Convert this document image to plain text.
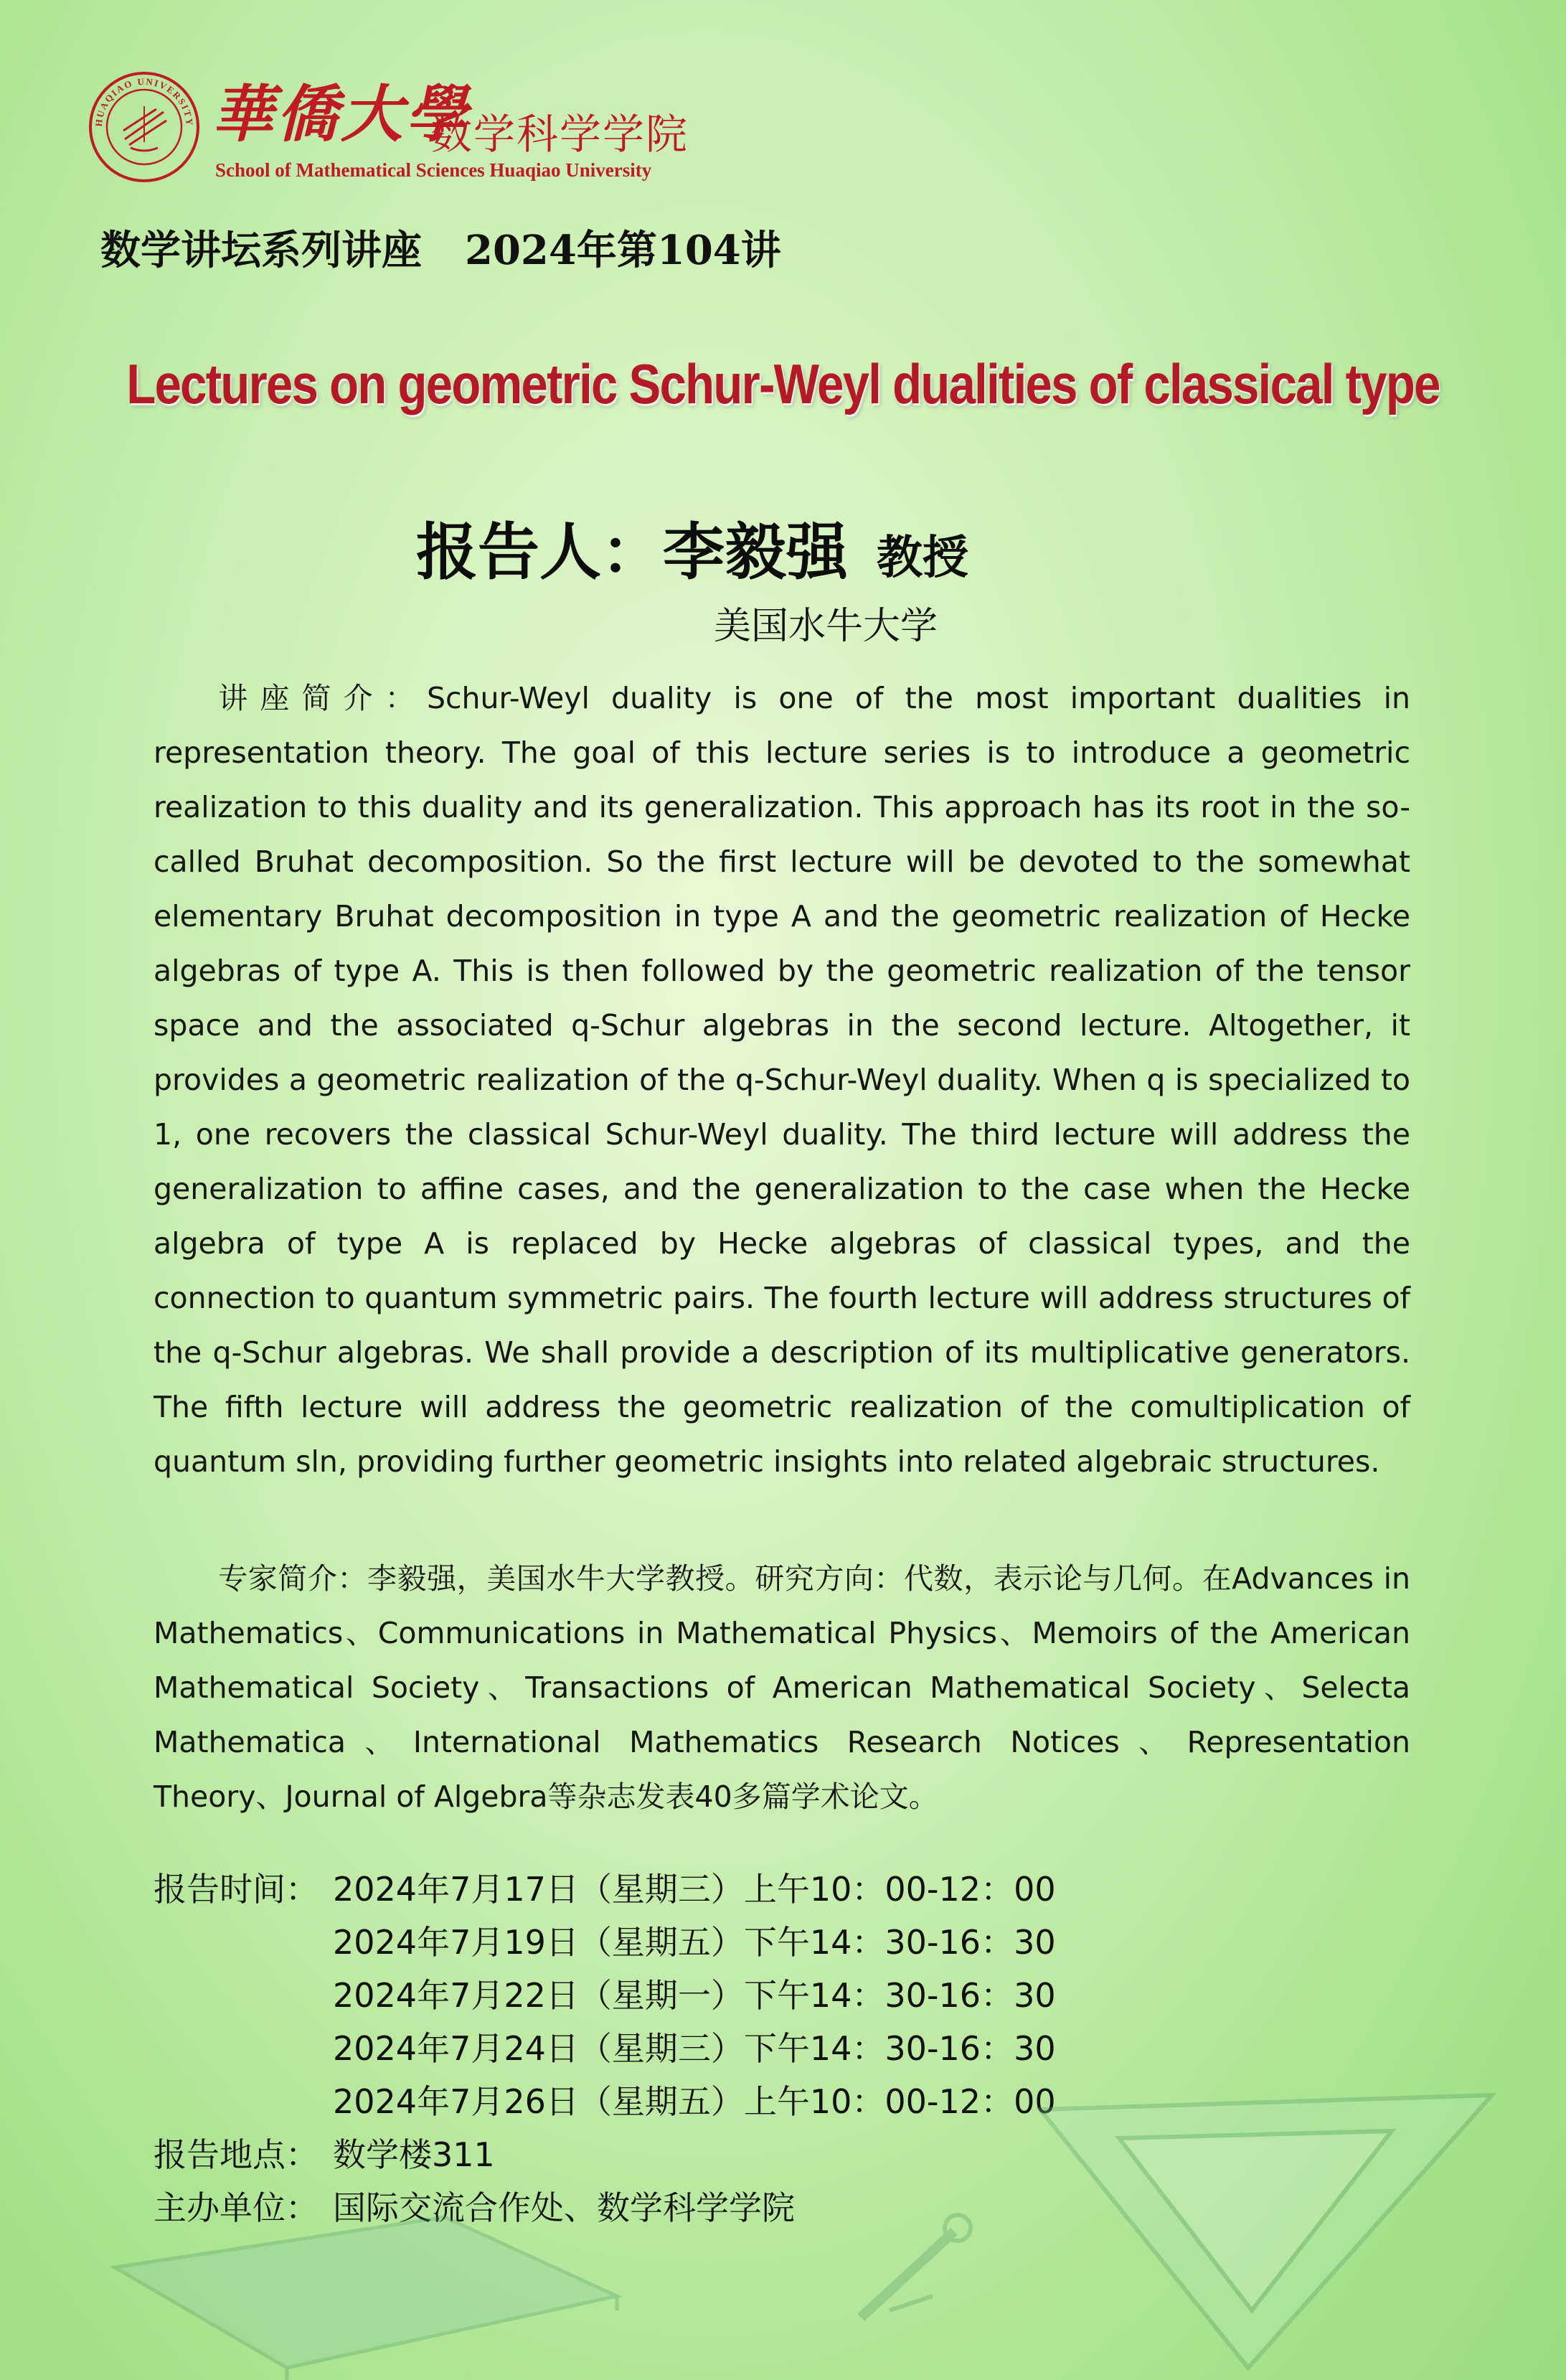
HUAQIAO UNIVERSITY 華僑大學
数学科学学院
School of Mathematical Sciences Huaqiao University
数学讲坛系列讲座 2024年第104讲
Lectures on geometric Schur-Weyl dualities of classical type
报告人：李毅强 教授
美国水牛大学

讲座简介：Schur-Weyl duality is one of the most important dualities in representation theory. The goal of this lecture series is to introduce a geometric realization to this duality and its generalization. This approach has its root in the so-called Bruhat decomposition. So the first lecture will be devoted to the somewhat elementary Bruhat decomposition in type A and the geometric realization of Hecke algebras of type A. This is then followed by the geometric realization of the tensor space and the associated q-Schur algebras in the second lecture. Altogether, it provides a geometric realization of the q-Schur-Weyl duality. When q is specialized to 1, one recovers the classical Schur-Weyl duality. The third lecture will address the generalization to affine cases, and the generalization to the case when the Hecke algebra of type A is replaced by Hecke algebras of classical types, and the connection to quantum symmetric pairs. The fourth lecture will address structures of the q-Schur algebras. We shall provide a description of its multiplicative generators. The fifth lecture will address the geometric realization of the comultiplication of quantum sln, providing further geometric insights into related algebraic structures.

专家简介：李毅强，美国水牛大学教授。研究方向：代数，表示论与几何。在Advances in Mathematics、Communications in Mathematical Physics、Memoirs of the American Mathematical Society、Transactions of American Mathematical Society、Selecta Mathematica、International Mathematics Research Notices、Representation Theory、Journal of Algebra等杂志发表40多篇学术论文。

报告时间： 2024年7月17日（星期三）上午10：00-12：00
2024年7月19日（星期五）下午14：30-16：30
2024年7月22日（星期一）下午14：30-16：30
2024年7月24日（星期三）下午14：30-16：30
2024年7月26日（星期五）上午10：00-12：00
报告地点： 数学楼311
主办单位： 国际交流合作处、数学科学学院
